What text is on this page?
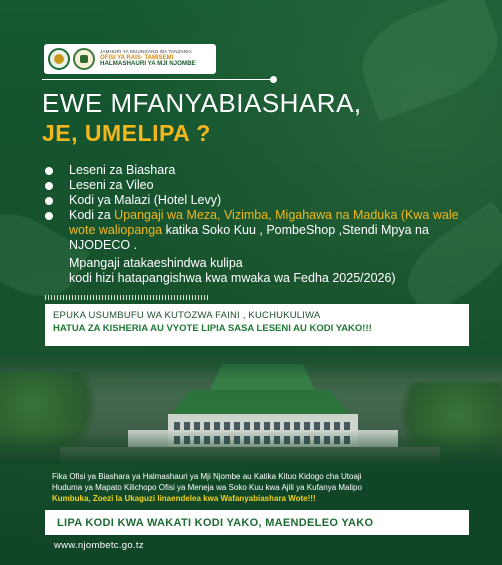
JAMHURI YA MUUNGANO WA TANZANIA
OFISI YA RAIS- TAMISEMI
HALMASHAURI YA MJI NJOMBE
EWE MFANYABIASHARA,
JE, UMELIPA ?
Leseni za Biashara
Leseni za Vileo
Kodi ya Malazi (Hotel Levy)
Kodi za Upangaji wa Meza, Vizimba, Migahawa na Maduka (Kwa wale wote waliopanga katika Soko Kuu , PombeShop ,Stendi Mpya na NJODECO .
Mpangaji atakaeshindwa kulipa
kodi hizi hatapangishwa kwa mwaka wa Fedha 2025/2026)
EPUKA USUMBUFU WA KUTOZWA FAINI , KUCHUKULIWA
HATUA ZA KISHERIA AU VYOTE LIPIA SASA LESENI AU KODI YAKO!!!
Fika Ofisi ya Biashara ya Halmashauri ya Mji Njombe au Katika Kituo Kidogo cha Utoaji
Huduma ya Mapato Kilichopo Ofisi ya Meneja wa Soko Kuu kwa Ajili ya Kufanya Malipo
Kumbuka, Zoezi la Ukaguzi linaendelea kwa Wafanyabiashara Wote!!!
LIPA KODI KWA WAKATI KODI YAKO, MAENDELEO YAKO
www.njombetc.go.tz
